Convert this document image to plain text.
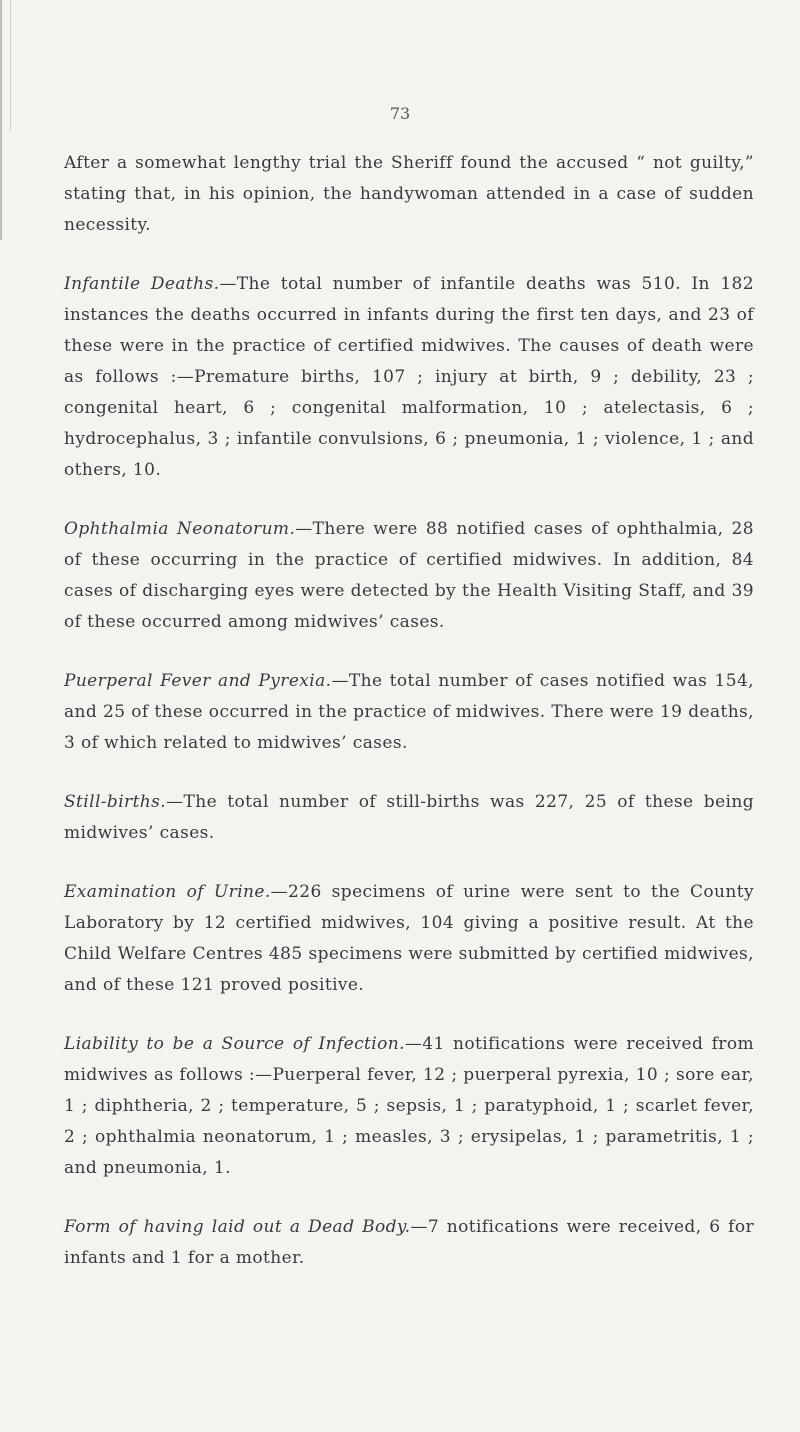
73

After a somewhat lengthy trial the Sheriff found the accused “ not guilty,” stating that, in his opinion, the handywoman attended in a case of sudden necessity.

Infantile Deaths.—The total number of infantile deaths was 510. In 182 instances the deaths occurred in infants during the first ten days, and 23 of these were in the practice of certified midwives. The causes of death were as follows :—Premature births, 107 ; injury at birth, 9 ; debility, 23 ; congenital heart, 6 ; congenital malformation, 10 ; atelectasis, 6 ; hydrocephalus, 3 ; infantile convulsions, 6 ; pneumonia, 1 ; violence, 1 ; and others, 10.

Ophthalmia Neonatorum.—There were 88 notified cases of ophthalmia, 28 of these occurring in the practice of certified midwives. In addition, 84 cases of discharging eyes were detected by the Health Visiting Staff, and 39 of these occurred among midwives’ cases.

Puerperal Fever and Pyrexia.—The total number of cases notified was 154, and 25 of these occurred in the practice of midwives. There were 19 deaths, 3 of which related to midwives’ cases.

Still-births.—The total number of still-births was 227, 25 of these being midwives’ cases.

Examination of Urine.—226 specimens of urine were sent to the County Laboratory by 12 certified midwives, 104 giving a positive result. At the Child Welfare Centres 485 specimens were submitted by certified midwives, and of these 121 proved positive.

Liability to be a Source of Infection.—41 notifications were received from midwives as follows :—Puerperal fever, 12 ; puerperal pyrexia, 10 ; sore ear, 1 ; diphtheria, 2 ; temperature, 5 ; sepsis, 1 ; paratyphoid, 1 ; scarlet fever, 2 ; ophthalmia neonatorum, 1 ; measles, 3 ; erysipelas, 1 ; parametritis, 1 ; and pneumonia, 1.

Form of having laid out a Dead Body.—7 notifications were received, 6 for infants and 1 for a mother.
